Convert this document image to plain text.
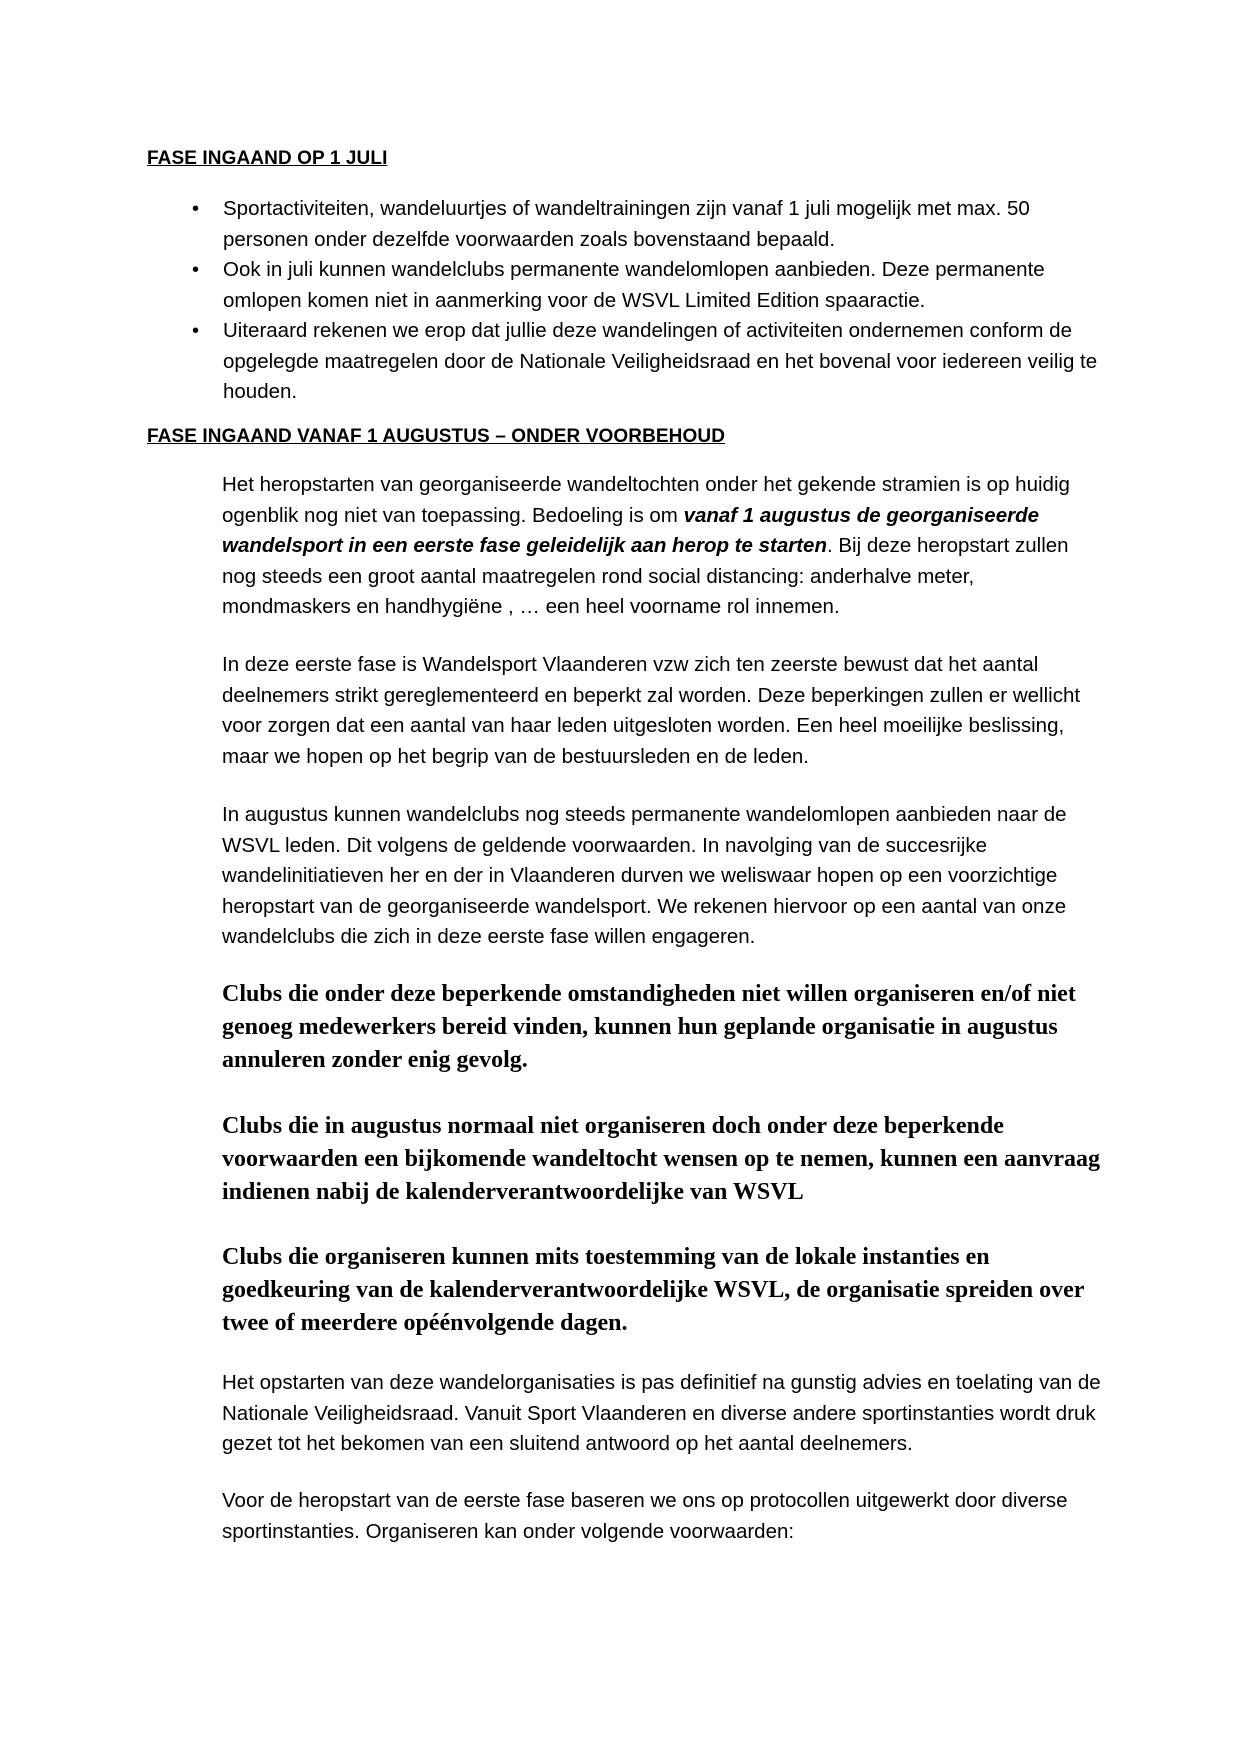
FASE INGAAND OP 1 JULI
• Sportactiviteiten, wandeluurtjes of wandeltrainingen zijn vanaf 1 juli mogelijk met max. 50 personen onder dezelfde voorwaarden zoals bovenstaand bepaald.
• Ook in juli kunnen wandelclubs permanente wandelomlopen aanbieden. Deze permanente omlopen komen niet in aanmerking voor de WSVL Limited Edition spaaractie.
• Uiteraard rekenen we erop dat jullie deze wandelingen of activiteiten ondernemen conform de opgelegde maatregelen door de Nationale Veiligheidsraad en het bovenal voor iedereen veilig te houden.
FASE INGAAND VANAF 1 AUGUSTUS – ONDER VOORBEHOUD

Het heropstarten van georganiseerde wandeltochten onder het gekende stramien is op huidig ogenblik nog niet van toepassing. Bedoeling is om vanaf 1 augustus de georganiseerde wandelsport in een eerste fase geleidelijk aan herop te starten. Bij deze heropstart zullen nog steeds een groot aantal maatregelen rond social distancing: anderhalve meter, mondmaskers en handhygiëne , … een heel voorname rol innemen.

In deze eerste fase is Wandelsport Vlaanderen vzw zich ten zeerste bewust dat het aantal deelnemers strikt gereglementeerd en beperkt zal worden. Deze beperkingen zullen er wellicht voor zorgen dat een aantal van haar leden uitgesloten worden. Een heel moeilijke beslissing, maar we hopen op het begrip van de bestuursleden en de leden.

In augustus kunnen wandelclubs nog steeds permanente wandelomlopen aanbieden naar de WSVL leden. Dit volgens de geldende voorwaarden. In navolging van de succesrijke wandelinitiatieven her en der in Vlaanderen durven we weliswaar hopen op een voorzichtige heropstart van de georganiseerde wandelsport. We rekenen hiervoor op een aantal van onze wandelclubs die zich in deze eerste fase willen engageren.

Clubs die onder deze beperkende omstandigheden niet willen organiseren en/of niet genoeg medewerkers bereid vinden, kunnen hun geplande organisatie in augustus annuleren zonder enig gevolg.

Clubs die in augustus normaal niet organiseren doch onder deze beperkende voorwaarden een bijkomende wandeltocht wensen op te nemen, kunnen een aanvraag indienen nabij de kalenderverantwoordelijke van WSVL

Clubs die organiseren kunnen mits toestemming van de lokale instanties en goedkeuring van de kalenderverantwoordelijke WSVL, de organisatie spreiden over twee of meerdere opéénvolgende dagen.

Het opstarten van deze wandelorganisaties is pas definitief na gunstig advies en toelating van de Nationale Veiligheidsraad. Vanuit Sport Vlaanderen en diverse andere sportinstanties wordt druk gezet tot het bekomen van een sluitend antwoord op het aantal deelnemers.

Voor de heropstart van de eerste fase baseren we ons op protocollen uitgewerkt door diverse sportinstanties. Organiseren kan onder volgende voorwaarden:
